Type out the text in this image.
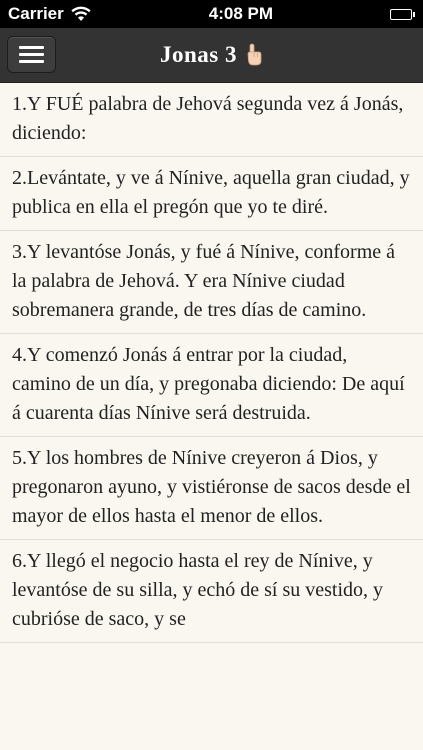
Carrier	4:08 PM
Jonas 3
1.Y FUÉ palabra de Jehová segunda vez á Jonás, diciendo:
2.Levántate, y ve á Nínive, aquella gran ciudad, y publica en ella el pregón que yo te diré.
3.Y levantóse Jonás, y fué á Nínive, conforme á la palabra de Jehová. Y era Nínive ciudad sobremanera grande, de tres días de camino.
4.Y comenzó Jonás á entrar por la ciudad, camino de un día, y pregonaba diciendo: De aquí á cuarenta días Nínive será destruida.
5.Y los hombres de Nínive creyeron á Dios, y pregonaron ayuno, y vistiéronse de sacos desde el mayor de ellos hasta el menor de ellos.
6.Y llegó el negocio hasta el rey de Nínive, y levantóse de su silla, y echó de sí su vestido, y cubrióse de saco, y se
